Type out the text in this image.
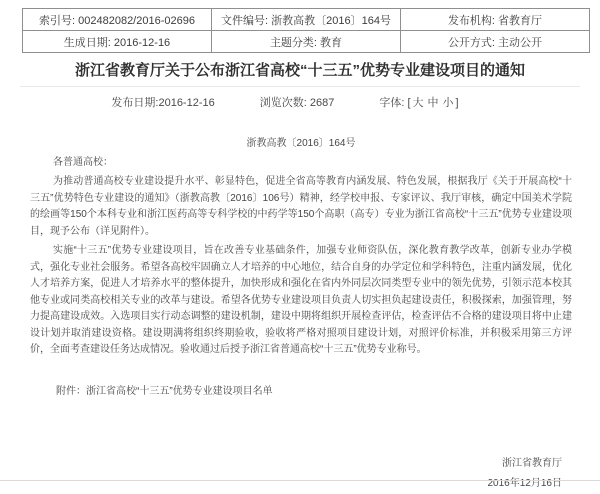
索引号: 002482082/2016-02696	文件编号: 浙教高教〔2016〕164号	发布机构: 省教育厅
生成日期: 2016-12-16	主题分类: 教育	公开方式: 主动公开
浙江省教育厅关于公布浙江省高校“十三五”优势专业建设项目的通知
发布日期:2016-12-16	浏览次数: 2687	字体: [ 大 中 小 ]
浙教高教〔2016〕164号
各普通高校：

为推动普通高校专业建设提升水平、彰显特色，促进全省高等教育内涵发展、特色发展，根据我厅《关于开展高校“十三五”优势特色专业建设的通知》（浙教高教〔2016〕106号）精神，经学校申报、专家评议、我厅审核，确定中国美术学院的绘画等150个本科专业和浙江医药高等专科学校的中药学等150个高职（高专）专业为浙江省高校“十三五”优势专业建设项目，现予公布（详见附件）。

实施“十三五”优势专业建设项目，旨在改善专业基础条件，加强专业师资队伍，深化教育教学改革，创新专业办学模式，强化专业社会服务。希望各高校牢固确立人才培养的中心地位，结合自身的办学定位和学科特色，注重内涵发展，优化人才培养方案，促进人才培养水平的整体提升，加快形成和强化在省内外同层次同类型专业中的领先优势，引领示范本校其他专业或同类高校相关专业的改革与建设。希望各优势专业建设项目负责人切实担负起建设责任，积极探索，加强管理，努力提高建设成效。入选项目实行动态调整的建设机制，建设中期将组织开展检查评估，检查评估不合格的建设项目将中止建设计划并取消建设资格。建设期满将组织终期验收，验收将严格对照项目建设计划，对照评价标准，并积极采用第三方评价，全面考查建设任务达成情况。验收通过后授予浙江省普通高校“十三五”优势专业称号。

附件：浙江省高校“十三五”优势专业建设项目名单
浙江省教育厅
2016年12月16日
